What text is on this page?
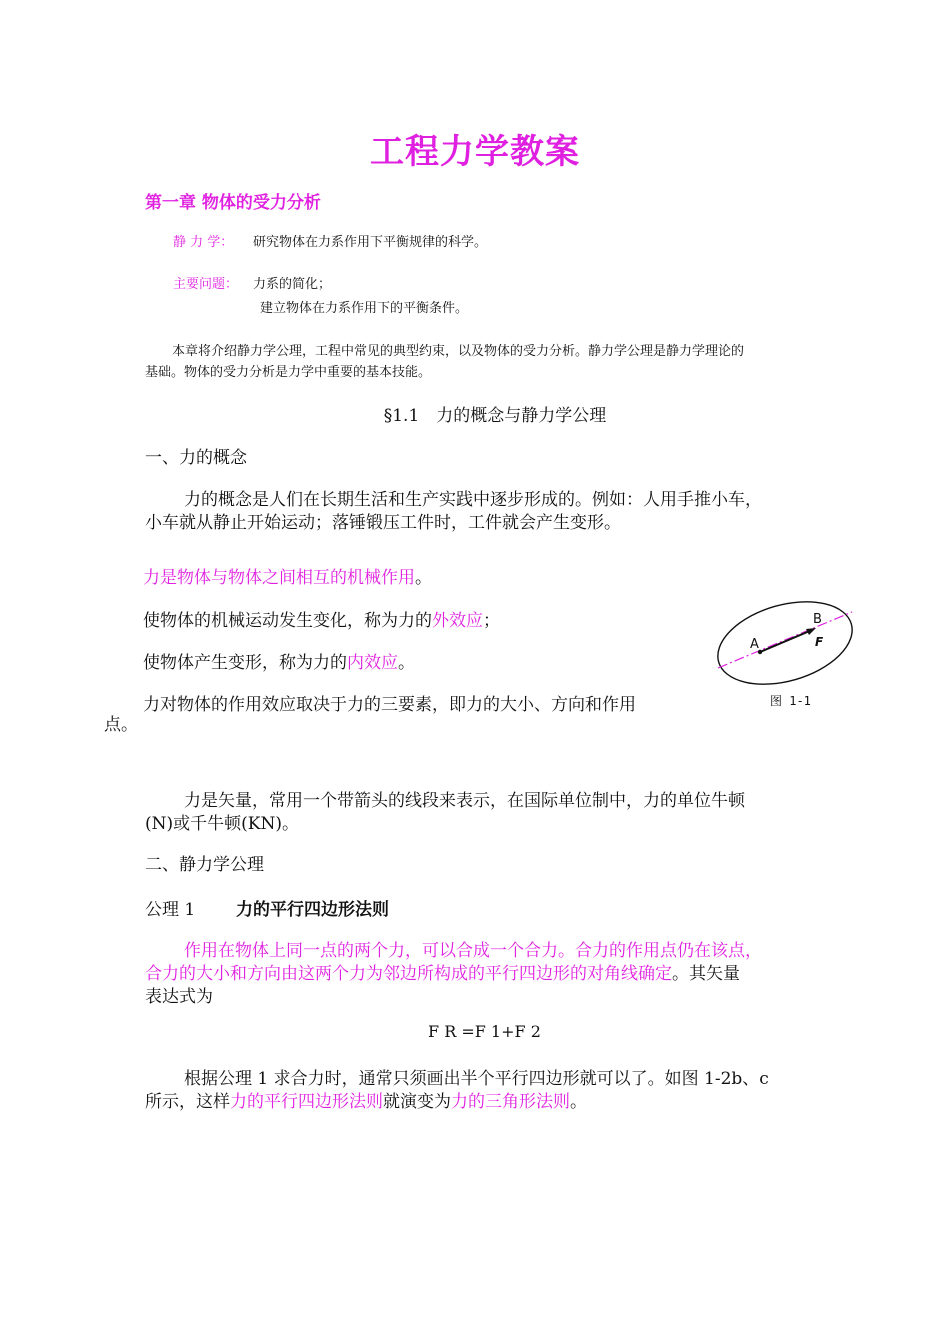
工程力学教案
第一章 物体的受力分析
静 力 学： 研究物体在力系作用下平衡规律的科学。
主要问题： 力系的简化；
建立物体在力系作用下的平衡条件。
本章将介绍静力学公理，工程中常见的典型约束，以及物体的受力分析。静力学公理是静力学理论的
基础。物体的受力分析是力学中重要的基本技能。
§1.1　力的概念与静力学公理
一、力的概念
力的概念是人们在长期生活和生产实践中逐步形成的。例如：人用手推小车，
小车就从静止开始运动；落锤锻压工件时，工件就会产生变形。
力是物体与物体之间相互的机械作用。
使物体的机械运动发生变化，称为力的外效应；
使物体产生变形，称为力的内效应。
力对物体的作用效应取决于力的三要素，即力的大小、方向和作用
点。
A
B
F
图 1-1
力是矢量，常用一个带箭头的线段来表示，在国际单位制中，力的单位牛顿
(N)或千牛顿(KN)。
二、静力学公理
公理 1 力的平行四边形法则
作用在物体上同一点的两个力，可以合成一个合力。合力的作用点仍在该点，
合力的大小和方向由这两个力为邻边所构成的平行四边形的对角线确定。其矢量
表达式为
F R =F 1+F 2
根据公理 1 求合力时，通常只须画出半个平行四边形就可以了。如图 1-2b、c
所示，这样力的平行四边形法则就演变为力的三角形法则。
